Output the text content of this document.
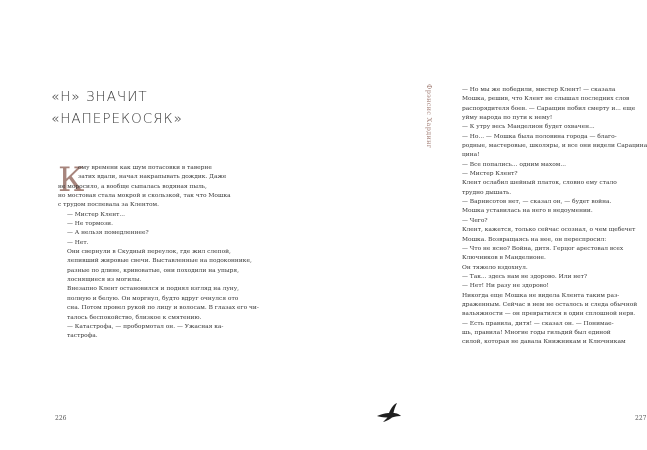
«Н» ЗНАЧИТ
«НАПЕРЕКОСЯК»
К
ому времени как шум потасовки в таверне
затих вдали, начал накрапывать дождик. Даже
не моросило, а вообще сыпалась водяная пыль,
но мостовая стала мокрой и скользкой, так что Мошка
с трудом поспевала за Клентом.
— Мистер Клент...
— Не тормози.
— А нельзя помедленнее?
— Нет.
Они свернули в Скудный переулок, где жил слепой,
лепивший жировые свечи. Выставленные на подоконнике,
разные по длине, кривоватые, они походили на упыря,
лоснящиеся из могилы.
Внезапно Клент остановился и поднял взгляд на луну,
полную и белую. Он моргнул, будто вдруг очнулся ото
сна. Потом провел рукой по лицу и волосам. В глазах его чи-
талось беспокойство, близкое к смятению.
— Катастрофа, — пробормотал он. — Ужасная ка-
тастрофа.
226
— Но мы же победили, мистер Клент! — сказала
Мошка, решив, что Клент не слышал последних слов
распорядителя боев. — Саращин побил смерту и... еще
уйму народа по пути к нему!
— К утру весь Манделион будет охвачен...
— Но... — Мошка была половина города — благо-
родные, мастеровые, школяры, и все они видели Сарацина
цина!
— Все попались... одним махом...
— Мистер Клент?
Клент ослабил шейный платок, словно ему стало
трудно дышать.
— Варнисотов нет, — сказал он, — будет война.
Мошка уставилась на него в недоумении.
— Чего?
Клент, кажется, только сейчас осознал, о чем щебечет
Мошка. Возвращаясь на нее, он переспросил:
— Что не ясно? Война, дитя. Герцог арестовал всех
Ключников в Манделионе.
Он тяжело вздохнул.
— Так... здесь нам не здорово. Или нет?
— Нет! Ни разу не здорово!
Никогда еще Мошка не видела Клента таким раз-
драженным. Сейчас в нем не осталось и следа обычной
вальяжности — он превратился в один сплошной нерв.
— Есть правила, дитя! — сказал он. — Понимае-
шь, правила! Многие годы гильдий был единой
силой, которая не давала Книжникам и Ключникам
227
Фрэнсис Хардинг
